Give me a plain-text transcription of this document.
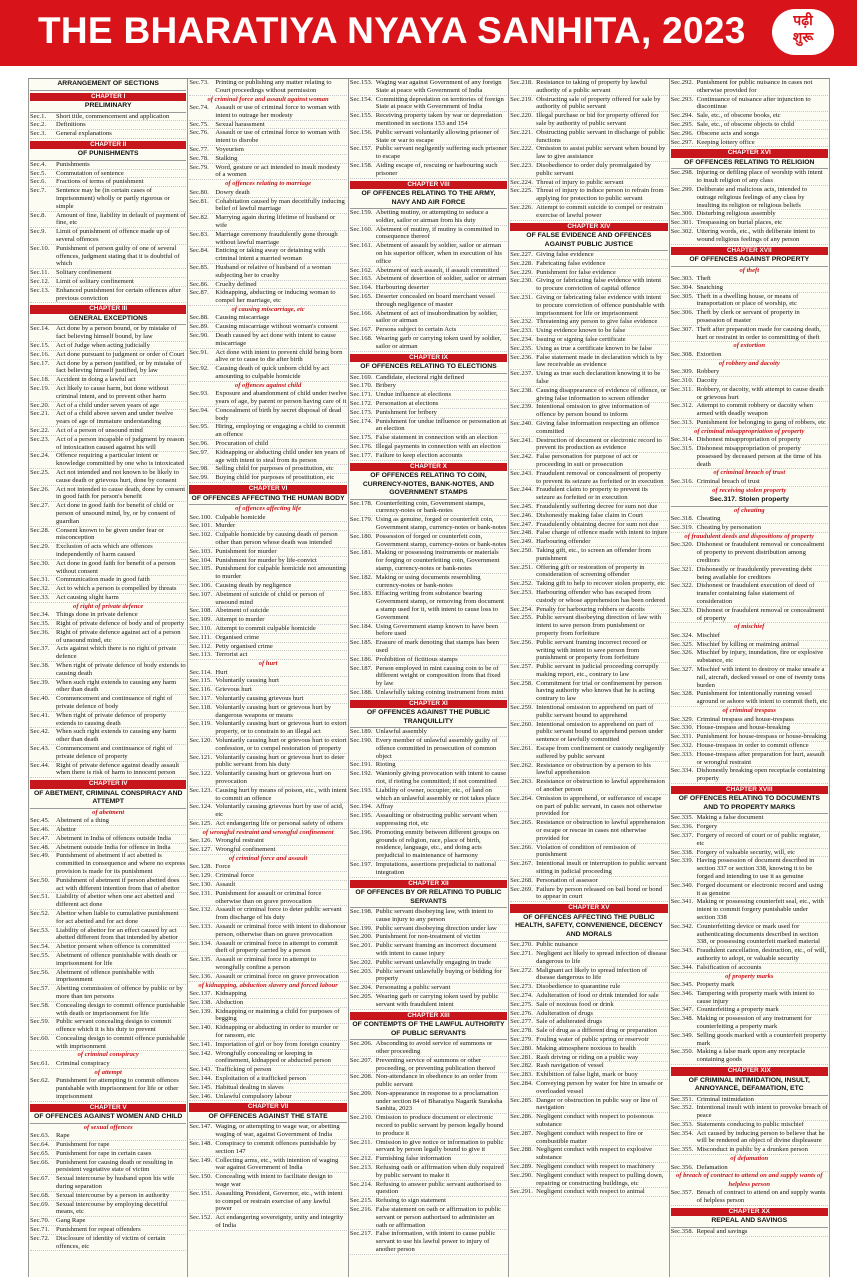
THE BHARATIYA NYAYA SANHITA, 2023	पढ़ी
शुरू
ARRANGEMENT OF SECTIONS
CHAPTER I
PRELIMINARY
Sec.1.	Short title, commencement and application
Sec.2.	Definitions
Sec.3.	General explanations
CHAPTER II
OF PUNISHMENTS
Sec.4.	Punishments
Sec.5.	Commutation of sentence
Sec.6.	Fractions of terms of punishment
Sec.7.	Sentence may be (in certain cases of imprisonment) wholly or partly rigorous or simple
Sec.8.	Amount of fine, liability in default of payment of fine, etc
Sec.9.	Limit of punishment of offence made up of several offences
Sec.10. Punishment of person guilty of one of several offences, judgment stating that it is doubtful of which
Sec.11.	Solitary confinement
Sec.12. Limit of solitary confinement
Sec.13. Enhanced punishment for certain offences after previous conviction
CHAPTER III
GENERAL EXCEPTIONS
Sec.14. Act done by a person bound, or by mistake of fact believing himself bound, by law
Sec.15. Act of Judge when acting judicially
Sec.16. Act done pursuant to judgment or order of Court
Sec.17. Act done by a person justified, or by mistake of fact believing himself justified, by law
Sec.18. Accident in doing a lawful act
Sec.19. Act likely to cause harm, but done without criminal intent, and to prevent other harm
Sec.20. Act of a child under seven years of age
Sec.21. Act of a child above seven and under twelve years of age of immature understanding
Sec.22. Act of a person of unsound mind
Sec.23. Act of a person incapable of judgment by reason of intoxication caused against his will
Sec.24. Offence requiring a particular intent or knowledge committed by one who is intoxicated
Sec.25. Act not intended and not known to be likely to cause death or grievous hurt, done by consent
Sec.26. Act not intended to cause death, done by consent in good faith for person's benefit
Sec.27. Act done in good faith for benefit of child or person of unsound mind, by, or by consent of guardian
Sec.28. Consent known to be given under fear or misconception
Sec.29. Exclusion of acts which are offences independently of harm caused
Sec.30. Act done in good faith for benefit of a person without consent
Sec.31. Communication made in good faith
Sec.32. Act to which a person is compelled by threats
Sec.33. Act causing slight harm
of right of private defence
Sec.34. Things done in private defence
Sec.35. Right of private defence of body and of property
Sec.36. Right of private defence against act of a person of unsound mind, etc
Sec.37. Acts against which there is no right of private defence
Sec.38. When right of private defence of body extends to causing death
Sec.39. When such right extends to causing any harm other than death
Sec.40. Commencement and continuance of right of private defence of body
Sec.41. When right of private defence of property extends to causing death
Sec.42. When such right extends to causing any harm other than death
Sec.43. Commencement and continuance of right of private defence of property
Sec.44. Right of private defence against deadly assault when there is risk of harm to innocent person
CHAPTER IV
OF ABETMENT, CRIMINAL CONSPIRACY AND ATTEMPT
of abetment
Sec.45. Abetment of a thing
Sec.46. Abettor
Sec.47. Abetment in India of offences outside India
Sec.48. Abetment outside India for offence in India
Sec.49. Punishment of abetment if act abetted is committed in consequence and where no express provision is made for its punishment
Sec.50. Punishment of abetment if person abetted does act with different intention from that of abettor
Sec.51. Liability of abettor when one act abetted and different act done
Sec.52. Abettor when liable to cumulative punishment for act abetted and for act done
Sec.53. Liability of abettor for an effect caused by act abetted different from that intended by abettor
Sec.54. Abettor present when offence is committed
Sec.55. Abetment of offence punishable with death or imprisonment for life
Sec.56. Abetment of offence punishable with imprisonment
Sec.57. Abetting commission of offence by public or by more than ten persons
Sec.58. Concealing design to commit offence punishable with death or imprisonment for life
Sec.59. Public servant concealing design to commit offence which it is his duty to prevent
Sec.60. Concealing design to commit offence punishable with imprisonment
of criminal conspiracy
Sec.61. Criminal conspiracy
of attempt
Sec.62. Punishment for attempting to commit offences punishable with imprisonment for life or other imprisonment
CHAPTER V
OF OFFENCES AGAINST WOMEN AND CHILD
of sexual offences
Sec.63. Rape
Sec.64. Punishment for rape
Sec.65. Punishment for rape in certain cases
Sec.66. Punishment for causing death or resulting in persistent vegetative state of victim
Sec.67. Sexual intercourse by husband upon his wife during separation
Sec.68. Sexual intercourse by a person in authority
Sec.69. Sexual intercourse by employing deceitful means, etc
Sec.70. Gang Rape
Sec.71. Punishment for repeat offenders
Sec.72. Disclosure of identity of victim of certain offences, etc
Sec.73. Printing or publishing any matter relating to Court proceedings without permission
of criminal force and assault against woman
Sec.74. Assault or use of criminal force to woman with intent to outrage her modesty
Sec.75. Sexual harassment
Sec.76. Assault or use of criminal force to woman with intent to disrobe
Sec.77. Voyeurism
Sec.78. Stalking
Sec.79. Word, gesture or act intended to insult modesty of a women
of offences relating to marriage
Sec.80. Dowry death
Sec.81. Cohabitation caused by man deceitfully inducing belief of lawful marriage
Sec.82. Marrying again during lifetime of husband or wife
Sec.83. Marriage ceremony fraudulently gone through without lawful marriage
Sec.84. Enticing or taking away or detaining with criminal intent a married woman
Sec.85. Husband or relative of husband of a woman subjecting her to cruelty
Sec.86. Cruelty defined
Sec.87. Kidnapping, abducting or inducing woman to compel her marriage, etc
of causing miscarriage, etc
Sec.88. Causing miscarriage
Sec.89. Causing miscarriage without woman's consent
Sec.90. Death caused by act done with intent to cause miscarriage
Sec.91. Act done with intent to prevent child being born alive or to cause to die after birth
Sec.92. Causing death of quick unborn child by act amounting to culpable homicide
of offences against child
Sec.93. Exposure and abandonment of child under twelve years of age, by parent or person having care of it
Sec.94. Concealment of birth by secret disposal of dead body
Sec.95. Hiring, employing or engaging a child to commit an offence
Sec.96. Procuration of child
Sec.97. Kidnapping or abducting child under ten years of age with intent to steal from its person
Sec.98. Selling child for purposes of prostitution, etc
Sec.99. Buying child for purposes of prostitution, etc
CHAPTER VI
OF OFFENCES AFFECTING THE HUMAN BODY
of offences affecting life
Sec.100. Culpable homicide
Sec.101. Murder
Sec.102. Culpable homicide by causing death of person other than person whose death was intended
Sec.103. Punishment for murder
Sec.104. Punishment for murder by life-convict
Sec.105. Punishment for culpable homicide not amounting to murder
Sec.106. Causing death by negligence
Sec.107. Abetment of suicide of child or person of unsound mind
Sec.108. Abetment of suicide
Sec.109. Attempt to murder
Sec.110. Attempt to commit culpable homicide
Sec.111. Organised crime
Sec.112. Petty organised crime
Sec.113. Terrorist act
of hurt
Sec.114. Hurt
Sec.115. Voluntarily causing hurt
Sec.116. Grievous hurt
Sec.117. Voluntarily causing grievous hurt
Sec.118. Voluntarily causing hurt or grievous hurt by dangerous weapons or means
Sec.119. Voluntarily causing hurt or grievous hurt to extort property, or to constrain to an illegal act
Sec.120. Voluntarily causing hurt or grievous hurt to extort confession, or to compel restoration of property
Sec.121. Voluntarily causing hurt or grievous hurt to deter public servant from his duty
Sec.122. Voluntarily causing hurt or grievous hurt on provocation
Sec.123. Causing hurt by means of poison, etc., with intent to commit an offence
Sec.124. Voluntarily causing grievous hurt by use of acid, etc
Sec.125. Act endangering life or personal safety of others
of wrongful restraint and wrongful confinement
Sec.126. Wrongful restraint
Sec.127. Wrongful confinement
of criminal force and assault
Sec.128. Force
Sec.129. Criminal force
Sec.130. Assault
Sec.131. Punishment for assault or criminal force otherwise than on grave provocation
Sec.132. Assault or criminal force to deter public servant from discharge of his duty
Sec.133. Assault or criminal force with intent to dishonour person, otherwise than on grave provocation
Sec.134. Assault or criminal force in attempt to commit theft of property carried by a person
Sec.135. Assault or criminal force in attempt to wrongfully confine a person
Sec.136. Assault or criminal force on grave provocation
of kidnapping, abduction slavery and forced labour
Sec.137. Kidnapping
Sec.138. Abduction
Sec.139. Kidnapping or maiming a child for purposes of begging
Sec.140. Kidnapping or abducting in order to murder or for ransom, etc
Sec.141. Importation of girl or boy from foreign country
Sec.142. Wrongfully concealing or keeping in confinement, kidnapped or abducted person
Sec.143. Trafficking of person
Sec.144. Exploitation of a trafficked person
Sec.145. Habitual dealing in slaves
Sec.146. Unlawful compulsory labour
CHAPTER VII
OF OFFENCES AGAINST THE STATE
Sec.147. Waging, or attempting to wage war, or abetting waging of war, against Government of India
Sec.148. Conspiracy to commit offences punishable by section 147
Sec.149. Collecting arms, etc., with intention of waging war against Government of India
Sec.150. Concealing with intent to facilitate design to wage war
Sec.151. Assaulting President, Governor, etc., with intent to compel or restrain exercise of any lawful power
Sec.152. Act endangering sovereignty, unity and integrity of India
Sec.153. Waging war against Government of any foreign State at peace with Government of India
Sec.154. Committing depredation on territories of foreign State at peace with Government of India
Sec.155. Receiving property taken by war or depredation mentioned in sections 153 and 154
Sec.156. Public servant voluntarily allowing prisoner of State or war to escape
Sec.157. Public servant negligently suffering such prisoner to escape
Sec.158. Aiding escape of, rescuing or harbouring such prisoner
CHAPTER VIII
OF OFFENCES RELATING TO THE ARMY, NAVY AND AIR FORCE
Sec.159. Abetting mutiny, or attempting to seduce a soldier, sailor or airman from his duty
Sec.160. Abetment of mutiny, if mutiny is committed in consequence thereof
Sec.161. Abetment of assault by soldier, sailor or airman on his superior officer, when in execution of his office
Sec.162. Abetment of such assault, if assault committed
Sec.163. Abetment of desertion of soldier, sailor or airman
Sec.164. Harbouring deserter
Sec.165. Deserter concealed on board merchant vessel through negligence of master
Sec.166. Abetment of act of insubordination by soldier, sailor or airman
Sec.167. Persons subject to certain Acts
Sec.168. Wearing garb or carrying token used by soldier, sailor or airman
CHAPTER IX
OF OFFENCES RELATING TO ELECTIONS
Sec.169. Candidate, electoral right defined
Sec.170. Bribery
Sec.171. Undue influence at elections
Sec.172. Personation at elections
Sec.173. Punishment for bribery
Sec.174. Punishment for undue influence or personation at an election
Sec.175. False statement in connection with an election
Sec.176. Illegal payments in connection with an election
Sec.177. Failure to keep election accounts
CHAPTER X
OF OFFENCES RELATING TO COIN, CURRENCY-NOTES, BANK-NOTES, AND GOVERNMENT STAMPS
Sec.178. Counterfeiting coin, Government stamps, currency-notes or bank-notes
Sec.179. Using as genuine, forged or counterfeit coin, Government stamp, currency-notes or bank-notes
Sec.180. Possession of forged or counterfeit coin, Government stamp, currency-notes or bank-notes
Sec.181. Making or possessing instruments or materials for forging or counterfeiting coin, Government stamp, currency-notes or bank-notes
Sec.182. Making or using documents resembling currency-notes or bank-notes
Sec.183. Effacing writing from substance bearing Government stamp, or removing from document a stamp used for it, with intent to cause loss to Government
Sec.184. Using Government stamp known to have been before used
Sec.185. Erasure of mark denoting that stamps has been used
Sec.186. Prohibition of fictitious stamps
Sec.187. Person employed in mint causing coin to be of different weight or composition from that fixed by law
Sec.188. Unlawfully taking coining instrument from mint
CHAPTER XI
OF OFFENCES AGAINST THE PUBLIC TRANQUILLITY
Sec.189. Unlawful assembly
Sec.190. Every member of unlawful assembly guilty of offence committed in prosecution of common object
Sec.191. Rioting
Sec.192. Wantonly giving provocation with intent to cause riot, if rioting be committed; if not committed
Sec.193. Liability of owner, occupier, etc., of land on which an unlawful assembly or riot takes place
Sec.194. Affray
Sec.195. Assaulting or obstructing public servant when suppressing riot, etc
Sec.196. Promoting enmity between different groups on grounds of religion, race, place of birth, residence, language, etc., and doing acts prejudicial to maintenance of harmony
Sec.197. Imputations, assertions prejudicial to national integration
CHAPTER XII
OF OFFENCES BY OR RELATING TO PUBLIC SERVANTS
Sec.198. Public servant disobeying law, with intent to cause injury to any person
Sec.199. Public servant disobeying direction under law
Sec.200. Punishment for non-treatment of victim
Sec.201. Public servant framing an incorrect document with intent to cause injury
Sec.202. Public servant unlawfully engaging in trade
Sec.203. Public servant unlawfully buying or bidding for property
Sec.204. Personating a public servant
Sec.205. Wearing garb or carrying token used by public servant with fraudulent intent
CHAPTER XIII
OF CONTEMPTS OF THE LAWFUL AUTHORITY OF PUBLIC SERVANTS
Sec.206. Absconding to avoid service of summons or other proceeding
Sec.207. Preventing service of summons or other proceeding, or preventing publication thereof
Sec.208. Non-attendance in obedience to an order from public servant
Sec.209. Non-appearance in response to a proclamation under section 84 of Bharatiya Nagarik Suraksha Sanhita, 2023
Sec.210. Omission to produce document or electronic record to public servant by person legally bound to produce it
Sec.211. Omission to give notice or information to public servant by person legally bound to give it
Sec.212. Furnishing false information
Sec.213. Refusing oath or affirmation when duly required by public servant to make it
Sec.214. Refusing to answer public servant authorised to question
Sec.215. Refusing to sign statement
Sec.216. False statement on oath or affirmation to public servant or person authorised to administer an oath or affirmation
Sec.217. False information, with intent to cause public servant to use his lawful power to injury of another person
Sec.218. Resistance to taking of property by lawful authority of a public servant
Sec.219. Obstructing sale of property offered for sale by authority of public servant
Sec.220. Illegal purchase or bid for property offered for sale by authority of public servant
Sec.221. Obstructing public servant in discharge of public functions
Sec.222. Omission to assist public servant when bound by law to give assistance
Sec.223. Disobedience to order duly promulgated by public servant
Sec.224. Threat of injury to public servant
Sec.225. Threat of injury to induce person to refrain from applying for protection to public servant
Sec.226. Attempt to commit suicide to compel or restrain exercise of lawful power
CHAPTER XIV
OF FALSE EVIDENCE AND OFFENCES AGAINST PUBLIC JUSTICE
Sec.227. Giving false evidence
Sec.228. Fabricating false evidence
Sec.229. Punishment for false evidence
Sec.230. Giving or fabricating false evidence with intent to procure conviction of capital offence
Sec.231. Giving or fabricating false evidence with intent to procure conviction of offence punishable with imprisonment for life or imprisonment
Sec.232. Threatening any person to give false evidence
Sec.233. Using evidence known to be false
Sec.234. Issuing or signing false certificate
Sec.235. Using as true a certificate known to be false
Sec.236. False statement made in declaration which is by law receivable as evidence
Sec.237. Using as true such declaration knowing it to be false
Sec.238. Causing disappearance of evidence of offence, or giving false information to screen offender
Sec.239. Intentional omission to give information of offence by person bound to inform
Sec.240. Giving false information respecting an offence committed
Sec.241. Destruction of document or electronic record to prevent its production as evidence
Sec.242. False personation for purpose of act or proceeding in suit or prosecution
Sec.243. Fraudulent removal or concealment of property to prevent its seizure as forfeited or in execution
Sec.244. Fraudulent claim to property to prevent its seizure as forfeited or in execution
Sec.245. Fraudulently suffering decree for sum not due
Sec.246. Dishonestly making false claim in Court
Sec.247. Fraudulently obtaining decree for sum not due
Sec.248. False charge of offence made with intent to injure
Sec.249. Harbouring offender
Sec.250. Taking gift, etc., to screen an offender from punishment
Sec.251. Offering gift or restoration of property in consideration of screening offender
Sec.252. Taking gift to help to recover stolen property, etc
Sec.253. Harbouring offender who has escaped from custody or whose apprehension has been ordered
Sec.254. Penalty for harbouring robbers or dacoits
Sec.255. Public servant disobeying direction of law with intent to save person from punishment or property from forfeiture
Sec.256. Public servant framing incorrect record or writing with intent to save person from punishment or property from forfeiture
Sec.257. Public servant in judicial proceeding corruptly making report, etc., contrary to law
Sec.258. Commitment for trial or confinement by person having authority who knows that he is acting contrary to law
Sec.259. Intentional omission to apprehend on part of public servant bound to apprehend
Sec.260. Intentional omission to apprehend on part of public servant bound to apprehend person under sentence or lawfully committed
Sec.261. Escape from confinement or custody negligently suffered by public servant
Sec.262. Resistance or obstruction by a person to his lawful apprehension
Sec.263. Resistance or obstruction to lawful apprehension of another person
Sec.264. Omission to apprehend, or sufferance of escape on part of public servant, in cases not otherwise provided for
Sec.265. Resistance or obstruction to lawful apprehension or escape or rescue in cases not otherwise provided for
Sec.266. Violation of condition of remission of punishment
Sec.267. Intentional insult or interruption to public servant sitting in judicial proceeding
Sec.268. Personation of assessor
Sec.269. Failure by person released on bail bond or bond to appear in court
CHAPTER XV
OF OFFENCES AFFECTING THE PUBLIC HEALTH, SAFETY, CONVENIENCE, DECENCY AND MORALS
Sec.270. Public nuisance
Sec.271. Negligent act likely to spread infection of disease dangerous to life
Sec.272. Malignant act likely to spread infection of disease dangerous to life
Sec.273. Disobedience to quarantine rule
Sec.274. Adulteration of food or drink intended for sale
Sec.275. Sale of noxious food or drink
Sec.276. Adulteration of drugs
Sec.277. Sale of adulterated drugs
Sec.278. Sale of drug as a different drug or preparation
Sec.279. Fouling water of public spring or reservoir
Sec.280. Making atmosphere noxious to health
Sec.281. Rash driving or riding on a public way
Sec.282. Rash navigation of vessel
Sec.283. Exhibition of false light, mark or buoy
Sec.284. Conveying person by water for hire in unsafe or overloaded vessel
Sec.285. Danger or obstruction in public way or line of navigation
Sec.286. Negligent conduct with respect to poisonous substance
Sec.287. Negligent conduct with respect to fire or combustible matter
Sec.288. Negligent conduct with respect to explosive substance
Sec.289. Negligent conduct with respect to machinery
Sec.290. Negligent conduct with respect to pulling down, repairing or constructing buildings, etc
Sec.291. Negligent conduct with respect to animal
Sec.292. Punishment for public nuisance in cases not otherwise provided for
Sec.293. Continuance of nuisance after injunction to discontinue
Sec.294. Sale, etc., of obscene books, etc
Sec.295. Sale, etc., of obscene objects to child
Sec.296. Obscene acts and songs
Sec.297. Keeping lottery office
CHAPTER XVI
OF OFFENCES RELATING TO RELIGION
Sec.298. Injuring or defiling place of worship with intent to insult religion of any class
Sec.299. Deliberate and malicious acts, intended to outrage religious feelings of any class by insulting its religion or religious beliefs
Sec.300. Disturbing religious assembly
Sec.301. Trespassing on burial places, etc
Sec.302. Uttering words, etc., with deliberate intent to wound religious feelings of any person
CHAPTER XVII
OF OFFENCES AGAINST PROPERTY
of theft
Sec.303. Theft
Sec.304. Snatching
Sec.305. Theft in a dwelling house, or means of transportation or place of worship, etc
Sec.306. Theft by clerk or servant of property in possession of master
Sec.307. Theft after preparation made for causing death, hurt or restraint in order to committing of theft
of extortion
Sec.308. Extortion
of robbery and dacoity
Sec.309. Robbery
Sec.310. Dacoity
Sec.311. Robbery, or dacoity, with attempt to cause death or grievous hurt
Sec.312. Attempt to commit robbery or dacoity when armed with deadly weapon
Sec.313. Punishment for belonging to gang of robbers, etc
of criminal misappropriation of property
Sec.314. Dishonest misappropriation of property
Sec.315. Dishonest misappropriation of property possessed by deceased person at the time of his death
of criminal breach of trust
Sec.316. Criminal breach of trust
of receiving stolen property
Sec.317. Stolen property
of cheating
Sec.318. Cheating
Sec.319. Cheating by personation
of fraudulent deeds and dispositions of property
Sec.320. Dishonest or fraudulent removal or concealment of property to prevent distribution among creditors
Sec.321. Dishonestly or fraudulently preventing debt being available for creditors
Sec.322. Dishonest or fraudulent execution of deed of transfer containing false statement of consideration
Sec.323. Dishonest or fraudulent removal or concealment of property
of mischief
Sec.324. Mischief
Sec.325. Mischief by killing or maiming animal
Sec.326. Mischief by injury, inundation, fire or explosive substance, etc
Sec.327. Mischief with intent to destroy or make unsafe a rail, aircraft, decked vessel or one of twenty tons burden
Sec.328. Punishment for intentionally running vessel aground or ashore with intent to commit theft, etc
of criminal trespass
Sec.329. Criminal trespass and house-trespass
Sec.330. House-trespass and house-breaking
Sec.331. Punishment for house-trespass or house-breaking
Sec.332. House-trespass in order to commit offence
Sec.333. House-trespass after preparation for hurt, assault or wrongful restraint
Sec.334. Dishonestly breaking open receptacle containing property
CHAPTER XVIII
OF OFFENCES RELATING TO DOCUMENTS AND TO PROPERTY MARKS
Sec.335. Making a false document
Sec.336. Forgery
Sec.337. Forgery of record of court or of public register, etc
Sec.338. Forgery of valuable security, will, etc
Sec.339. Having possession of document described in section 337 or section 338, knowing it to be forged and intending to use it as genuine
Sec.340. Forged document or electronic record and using it as genuine
Sec.341. Making or possessing counterfeit seal, etc., with intent to commit forgery punishable under section 338
Sec.342. Counterfeiting device or mark used for authenticating documents described in section 338, or possessing counterfeit marked material
Sec.343. Fraudulent cancellation, destruction, etc., of will, authority to adopt, or valuable security
Sec.344. Falsification of accounts
of property marks
Sec.345. Property mark
Sec.346. Tampering with property mark with intent to cause injury
Sec.347. Counterfeiting a property mark
Sec.348. Making or possession of any instrument for counterfeiting a property mark
Sec.349. Selling goods marked with a counterfeit property mark
Sec.350. Making a false mark upon any receptacle containing goods
CHAPTER XIX
OF CRIMINAL INTIMIDATION, INSULT, ANNOYANCE, DEFAMATION, ETC
Sec.351. Criminal intimidation
Sec.352. Intentional insult with intent to provoke breach of peace
Sec.353. Statements conducing to public mischief
Sec.354. Act caused by inducing person to believe that he will be rendered an object of divine displeasure
Sec.355. Misconduct in public by a drunken person
of defamation
Sec.356. Defamation
of breach of contract to attend on and supply wants of helpless person
Sec.357. Breach of contract to attend on and supply wants of helpless person
CHAPTER XX
REPEAL AND SAVINGS
Sec.358. Repeal and savings
